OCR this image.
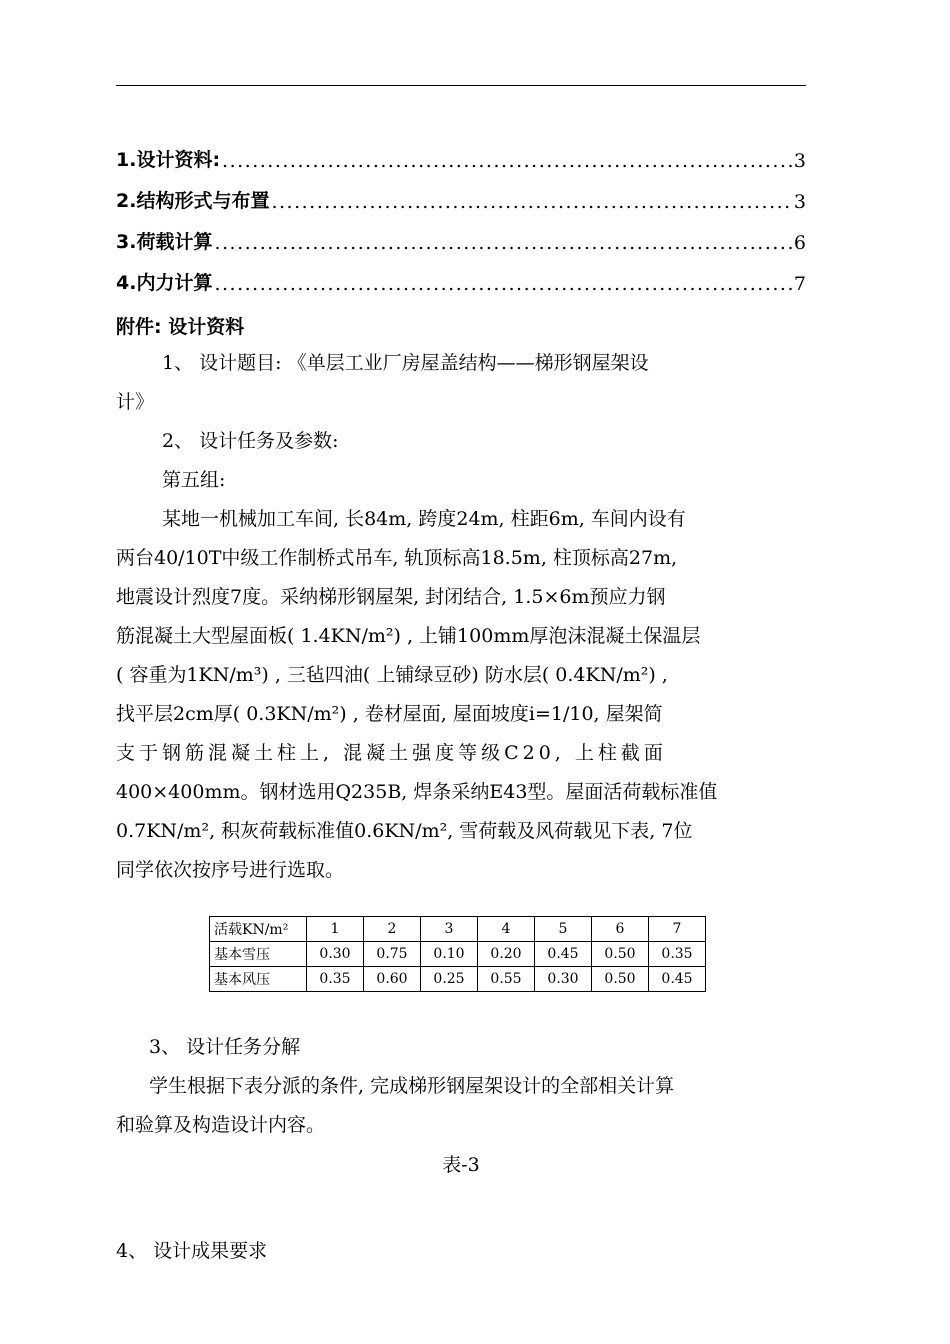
1.设计资料: .....	3
2.结构形式与布置 .....	3
3.荷载计算 .....	6
4.内力计算 .....	7
附件: 设计资料
1、 设计题目: 《单层工业厂房屋盖结构——梯形钢屋架设
计》
2、 设计任务及参数:
第五组:
某地一机械加工车间, 长84m, 跨度24m, 柱距6m, 车间内设有
两台40/10T中级工作制桥式吊车, 轨顶标高18.5m, 柱顶标高27m,
地震设计烈度7度。采纳梯形钢屋架, 封闭结合, 1.5×6m预应力钢
筋混凝土大型屋面板( 1.4KN/m²) , 上铺100mm厚泡沫混凝土保温层
( 容重为1KN/m³) , 三毡四油( 上铺绿豆砂) 防水层( 0.4KN/m²) ,
找平层2cm厚( 0.3KN/m²) , 卷材屋面, 屋面坡度i=1/10, 屋架简
支于钢筋混凝土柱上, 混凝土强度等级C20, 上柱截面
400×400mm。钢材选用Q235B, 焊条采纳E43型。屋面活荷载标准值
0.7KN/m², 积灰荷载标准值0.6KN/m², 雪荷载及风荷载见下表, 7位
同学依次按序号进行选取。
活载KN/m²	1	2	3	4	5	6	7
基本雪压	0.30	0.75	0.10	0.20	0.45	0.50	0.35
基本风压	0.35	0.60	0.25	0.55	0.30	0.50	0.45
3、 设计任务分解
学生根据下表分派的条件, 完成梯形钢屋架设计的全部相关计算
和验算及构造设计内容。
表-3
4、 设计成果要求
